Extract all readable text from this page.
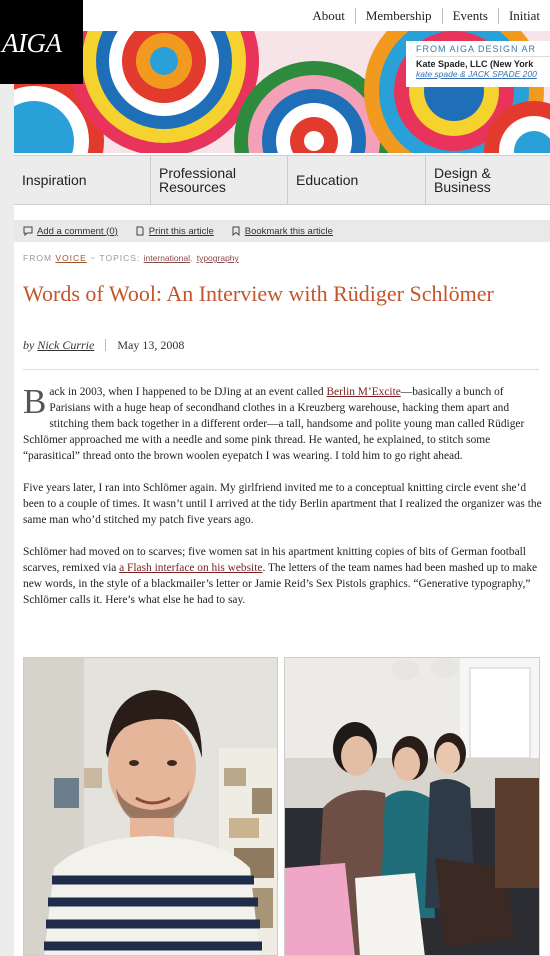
AIGA
About	Membership	Events	Initiat
FROM AIGA DESIGN AR
Kate Spade, LLC (New York
kate spade & JACK SPADE 200
Inspiration	Professional Resources	Education	Design & Business
Add a comment (0)	Print this article	Bookmark this article
FROM VOICE ~ TOPICS: international, typography
Words of Wool: An Interview with Rüdiger Schlömer
by Nick Currie May 13, 2008

Back in 2003, when I happened to be DJing at an event called Berlin M’Excite—basically a bunch of Parisians with a huge heap of secondhand clothes in a Kreuzberg warehouse, hacking them apart and stitching them back together in a different order—a tall, handsome and polite young man called Rüdiger Schlömer approached me with a needle and some pink thread. He wanted, he explained, to stitch some “parasitical” thread onto the brown woolen eyepatch I was wearing. I told him to go right ahead.

Five years later, I ran into Schlömer again. My girlfriend invited me to a conceptual knitting circle event she’d been to a couple of times. It wasn’t until I arrived at the tidy Berlin apartment that I realized the organizer was the same man who’d stitched my patch five years ago.

Schlömer had moved on to scarves; five women sat in his apartment knitting copies of bits of German football scarves, remixed via a Flash interface on his website. The letters of the team names had been mashed up to make new words, in the style of a blackmailer’s letter or Jamie Reid’s Sex Pistols graphics. “Generative typography,” Schlömer calls it. Here’s what else he had to say.
